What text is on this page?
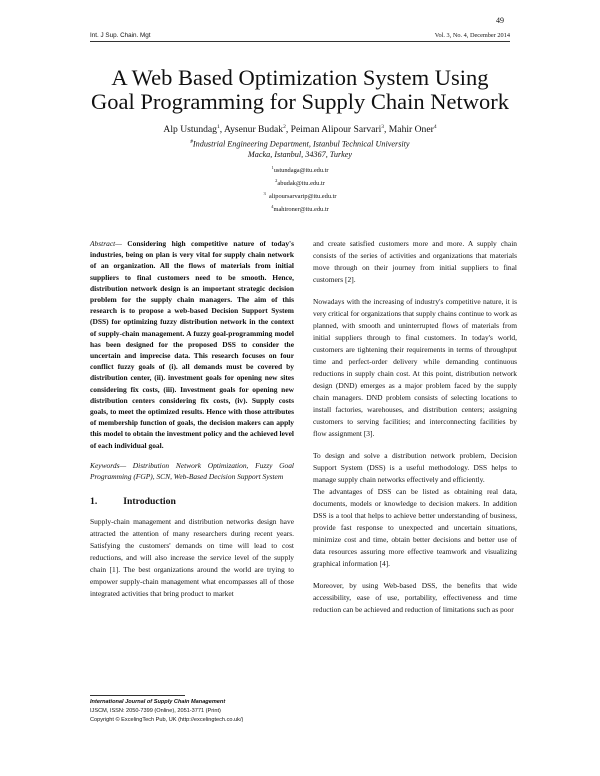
49
Int. J Sup. Chain. Mgt	Vol. 3, No. 4, December 2014
A Web Based Optimization System Using
Goal Programming for Supply Chain Network
Alp Ustundag$^1$, Aysenur Budak$^2$, Peiman Alipour Sarvari$^3$, Mahir Oner$^4$
#Industrial Engineering Department, Istanbul Technical University
Macka, Istanbul, 34367, Turkey
$^1$ustundaga@itu.edu.tr
$^2$abudak@itu.edu.tr
$^3$ alipoursarvarip@itu.edu.tr
$^4$mahironer@itu.edu.tr

Abstract— Considering high competitive nature of today's industries, being on plan is very vital for supply chain network of an organization. All the flows of materials from initial suppliers to final customers need to be smooth. Hence, distribution network design is an important strategic decision problem for the supply chain managers. The aim of this research is to propose a web-based Decision Support System (DSS) for optimizing fuzzy distribution network in the context of supply-chain management. A fuzzy goal-programming model has been designed for the proposed DSS to consider the uncertain and imprecise data. This research focuses on four conflict fuzzy goals of (i). all demands must be covered by distribution center, (ii). investment goals for opening new sites considering fix costs, (iii). Investment goals for opening new distribution centers considering fix costs, (iv). Supply costs goals, to meet the optimized results. Hence with those attributes of membership function of goals, the decision makers can apply this model to obtain the investment policy and the achieved level of each individual goal.

Keywords— Distribution Network Optimization, Fuzzy Goal Programming (FGP), SCN, Web-Based Decision Support System

1.	Introduction

Supply-chain management and distribution networks design have attracted the attention of many researchers during recent years. Satisfying the customers' demands on time will lead to cost reductions, and will also increase the service level of the supply chain [1]. The best organizations around the world are trying to empower supply-chain management what encompasses all of those integrated activities that bring product to market

and create satisfied customers more and more. A supply chain consists of the series of activities and organizations that materials move through on their journey from initial suppliers to final customers [2].

Nowadays with the increasing of industry's competitive nature, it is very critical for organizations that supply chains continue to work as planned, with smooth and uninterrupted flows of materials from initial suppliers through to final customers. In today's world, customers are tightening their requirements in terms of throughput time and perfect-order delivery while demanding continuous reductions in supply chain cost. At this point, distribution network design (DND) emerges as a major problem faced by the supply chain managers. DND problem consists of selecting locations to install factories, warehouses, and distribution centers; assigning customers to serving facilities; and interconnecting facilities by flow assignment [3].

To design and solve a distribution network problem, Decision Support System (DSS) is a useful methodology. DSS helps to manage supply chain networks effectively and efficiently.

The advantages of DSS can be listed as obtaining real data, documents, models or knowledge to decision makers. In addition DSS is a tool that helps to achieve better understanding of business, provide fast response to unexpected and uncertain situations, minimize cost and time, obtain better decisions and better use of data resources assuring more effective teamwork and visualizing graphical information [4].

Moreover, by using Web-based DSS, the benefits that wide accessibility, ease of use, portability, effectiveness and time reduction can be achieved and reduction of limitations such as poor

International Journal of Supply Chain Management
IJSCM, ISSN: 2050-7399 (Online), 2051-3771 (Print)
Copyright © ExcelingTech Pub, UK (http://excelingtech.co.uk/)
